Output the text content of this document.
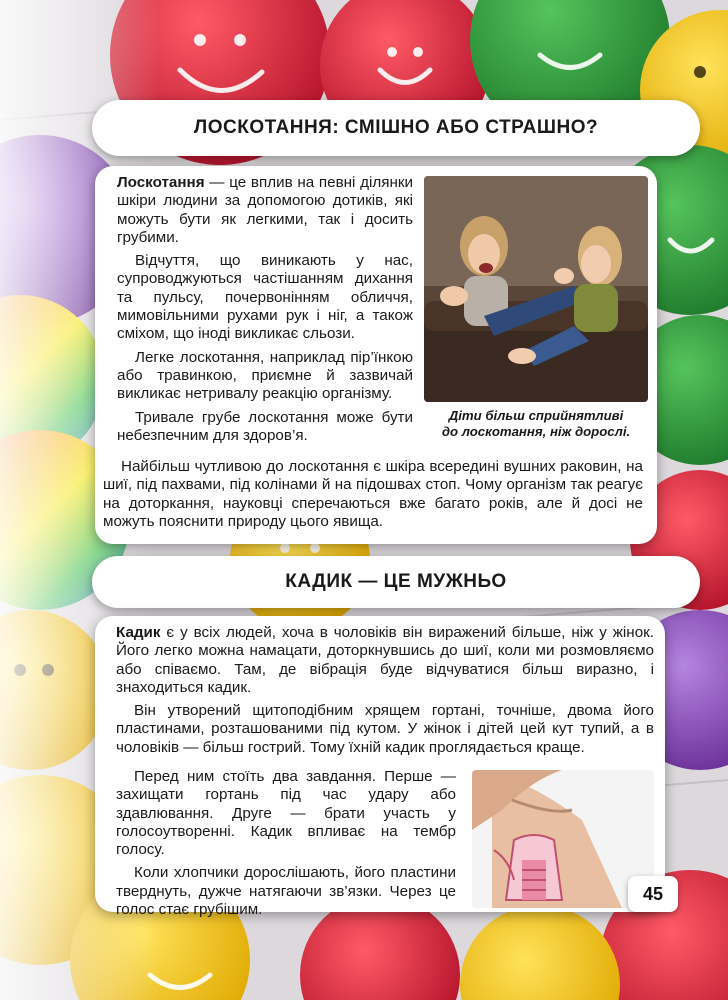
ЛОСКОТАННЯ: СМІШНО АБО СТРАШНО?

Лоскотання — це вплив на певні ділянки шкіри людини за допомогою дотиків, які можуть бути як легкими, так і досить грубими.

Відчуття, що виникають у нас, супроводжуються частішанням дихання та пульсу, почервонінням обличчя, мимовільними рухами рук і ніг, а також сміхом, що іноді викликає сльози.

Легке лоскотання, наприклад пір’їнкою або травинкою, приємне й зазвичай викликає нетривалу реакцію організму.

Тривале грубе лоскотання може бути небезпечним для здоров’я.

Найбільш чутливою до лоскотання є шкіра всередині вушних раковин, на шиї, під пахвами, під колінами й на підошвах стоп. Чому організм так реагує на доторкання, науковці сперечаються вже багато років, але й досі не можуть пояснити природу цього явища.

Діти більш сприйнятливі
до лоскотання, ніж дорослі.
КАДИК — ЦЕ МУЖНЬО

Кадик є у всіх людей, хоча в чоловіків він виражений більше, ніж у жінок. Його легко можна намацати, доторкнувшись до шиї, коли ми розмовляємо або співаємо. Там, де вібрація буде відчуватися більш виразно, і знаходиться кадик.

Він утворений щитоподібним хрящем гортані, точніше, двома його пластинами, розташованими під кутом. У жінок і дітей цей кут тупий, а в чоловіків — більш гострий. Тому їхній кадик проглядається краще.

Перед ним стоїть два завдання. Перше — захищати гортань під час удару або здавлювання. Друге — брати участь у голосоутворенні. Кадик впливає на тембр голосу.

Коли хлопчики дорослішають, його пластини тверднуть, дужче натягаючи зв’язки. Через це голос стає грубішим.

45
